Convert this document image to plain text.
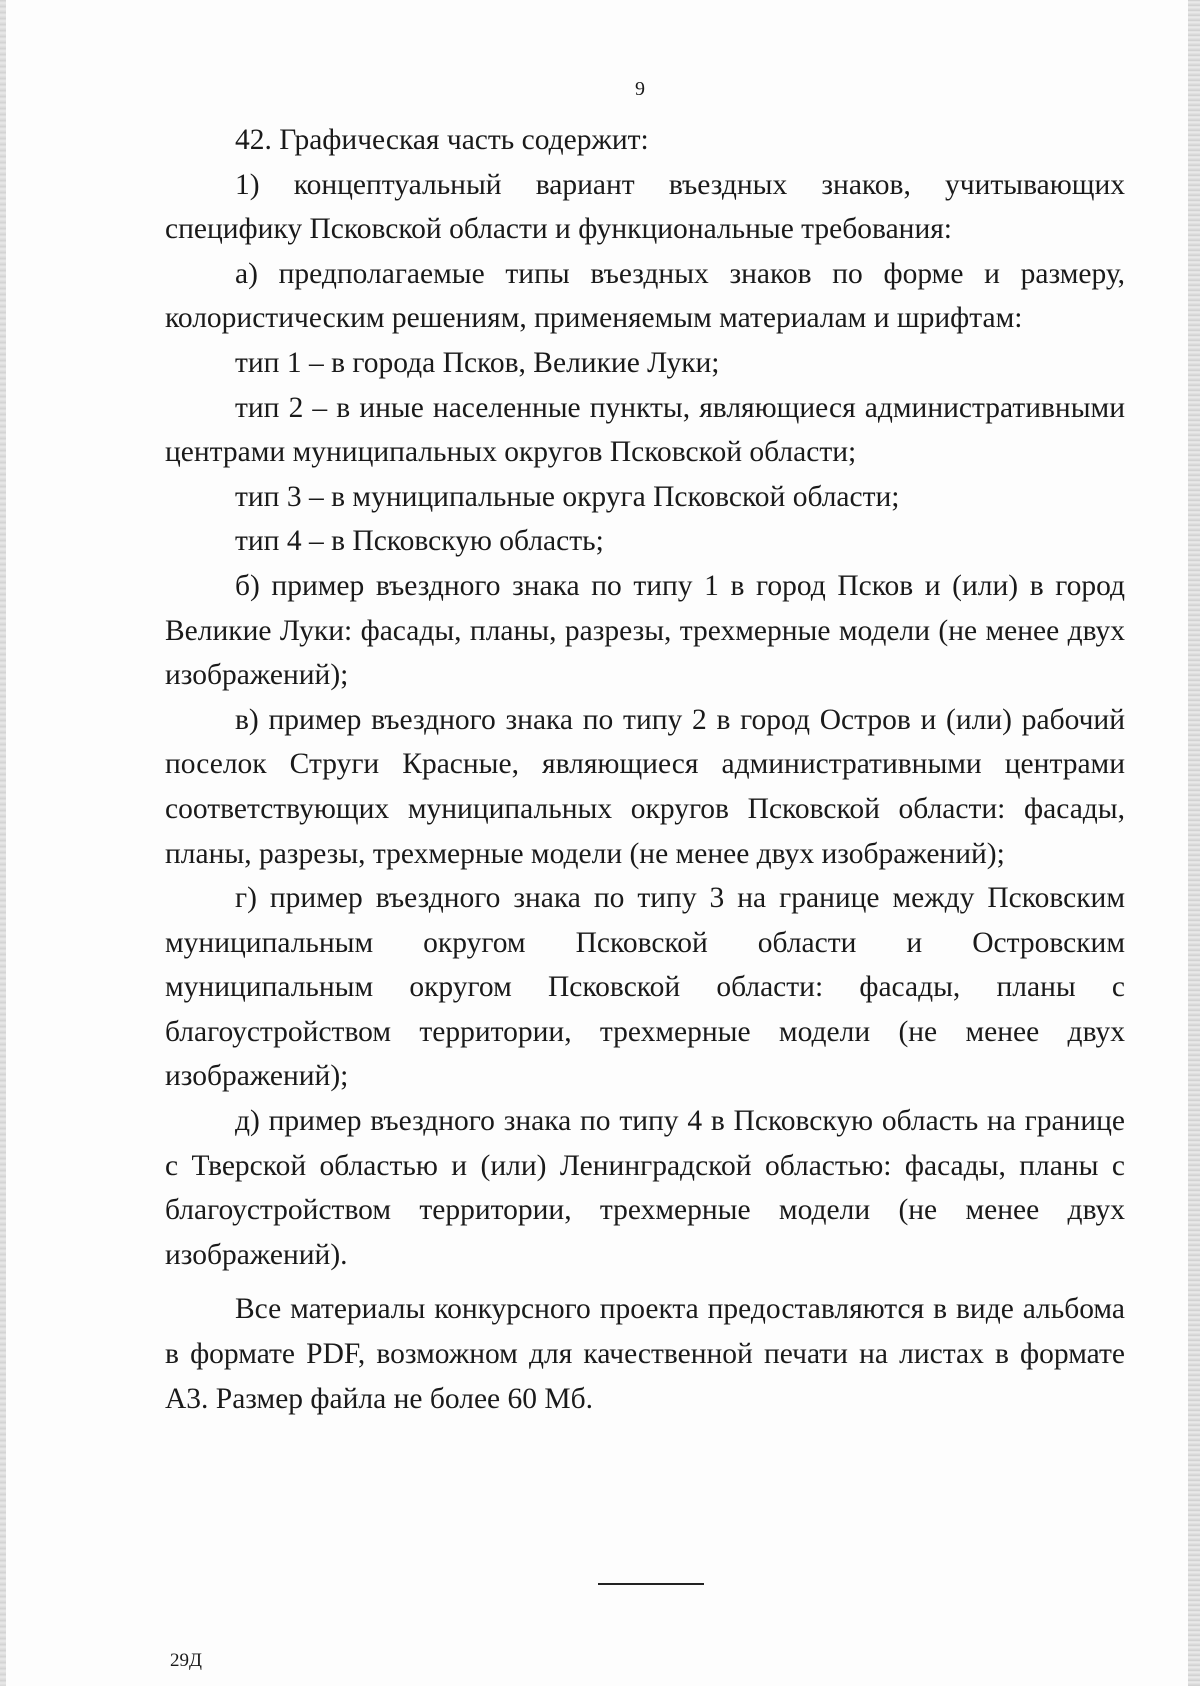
9

42. Графическая часть содержит:

1) концептуальный вариант въездных знаков, учитывающих специфику Псковской области и функциональные требования:

а) предполагаемые типы въездных знаков по форме и размеру, колористическим решениям, применяемым материалам и шрифтам:

тип 1 – в города Псков, Великие Луки;

тип 2 – в иные населенные пункты, являющиеся административными центрами муниципальных округов Псковской области;

тип 3 – в муниципальные округа Псковской области;

тип 4 – в Псковскую область;

б) пример въездного знака по типу 1 в город Псков и (или) в город Великие Луки: фасады, планы, разрезы, трехмерные модели (не менее двух изображений);

в) пример въездного знака по типу 2 в город Остров и (или) рабочий поселок Струги Красные, являющиеся административными центрами соответствующих муниципальных округов Псковской области: фасады, планы, разрезы, трехмерные модели (не менее двух изображений);

г) пример въездного знака по типу 3 на границе между Псковским муниципальным округом Псковской области и Островским муниципальным округом Псковской области: фасады, планы с благоустройством территории, трехмерные модели (не менее двух изображений);

д) пример въездного знака по типу 4 в Псковскую область на границе с Тверской областью и (или) Ленинградской областью: фасады, планы с благоустройством территории, трехмерные модели (не менее двух изображений).

Все материалы конкурсного проекта предоставляются в виде альбома в формате PDF, возможном для качественной печати на листах в формате А3. Размер файла не более 60 Мб.

29Д
